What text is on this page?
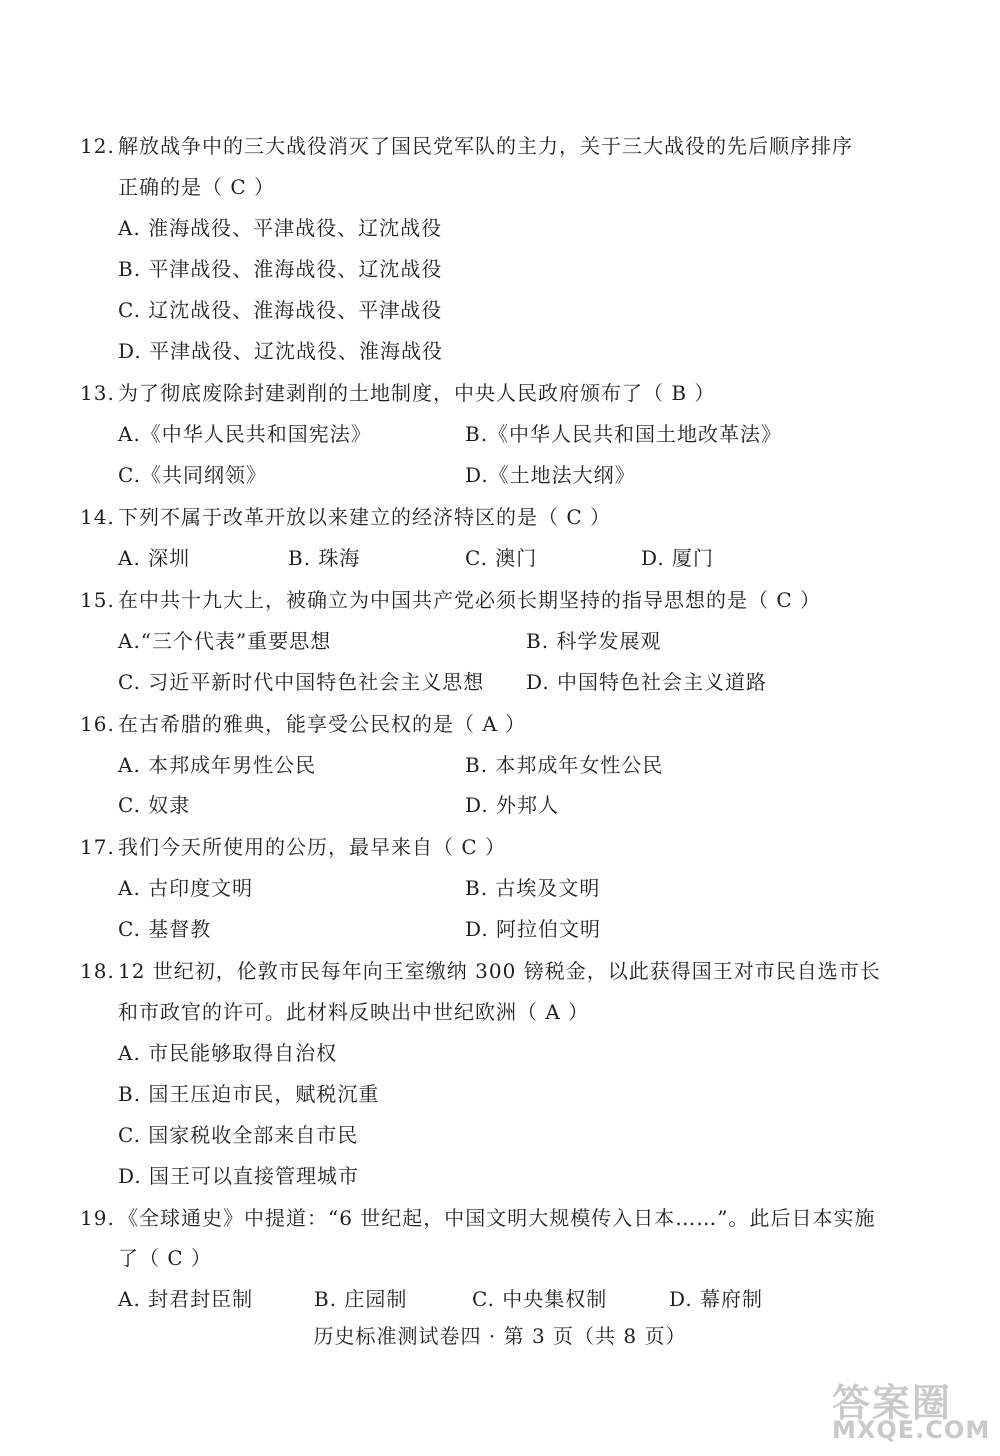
12. 解放战争中的三大战役消灭了国民党军队的主力，关于三大战役的先后顺序排序
正确的是（ C ）
A. 淮海战役、平津战役、辽沈战役
B. 平津战役、淮海战役、辽沈战役
C. 辽沈战役、淮海战役、平津战役
D. 平津战役、辽沈战役、淮海战役
13. 为了彻底废除封建剥削的土地制度，中央人民政府颁布了（ B ）
A.《中华人民共和国宪法》	B.《中华人民共和国土地改革法》
C.《共同纲领》	D.《土地法大纲》
14. 下列不属于改革开放以来建立的经济特区的是（ C ）
A. 深圳	B. 珠海	C. 澳门	D. 厦门
15. 在中共十九大上，被确立为中国共产党必须长期坚持的指导思想的是（ C ）
A.“三个代表”重要思想	B. 科学发展观
C. 习近平新时代中国特色社会主义思想 D. 中国特色社会主义道路
16. 在古希腊的雅典，能享受公民权的是（ A ）
A. 本邦成年男性公民	B. 本邦成年女性公民
C. 奴隶	D. 外邦人
17. 我们今天所使用的公历，最早来自（ C ）
A. 古印度文明	B. 古埃及文明
C. 基督教	D. 阿拉伯文明
18. 12 世纪初，伦敦市民每年向王室缴纳 300 镑税金，以此获得国王对市民自选市长
和市政官的许可。此材料反映出中世纪欧洲（ A ）
A. 市民能够取得自治权
B. 国王压迫市民，赋税沉重
C. 国家税收全部来自市民
D. 国王可以直接管理城市
19. 《全球通史》中提道：“6 世纪起，中国文明大规模传入日本……”。此后日本实施
了（ C ）
A. 封君封臣制	B. 庄园制	C. 中央集权制	D. 幕府制
历史标准测试卷四 · 第 3 页（共 8 页）
答案圈
MXQE.COM
